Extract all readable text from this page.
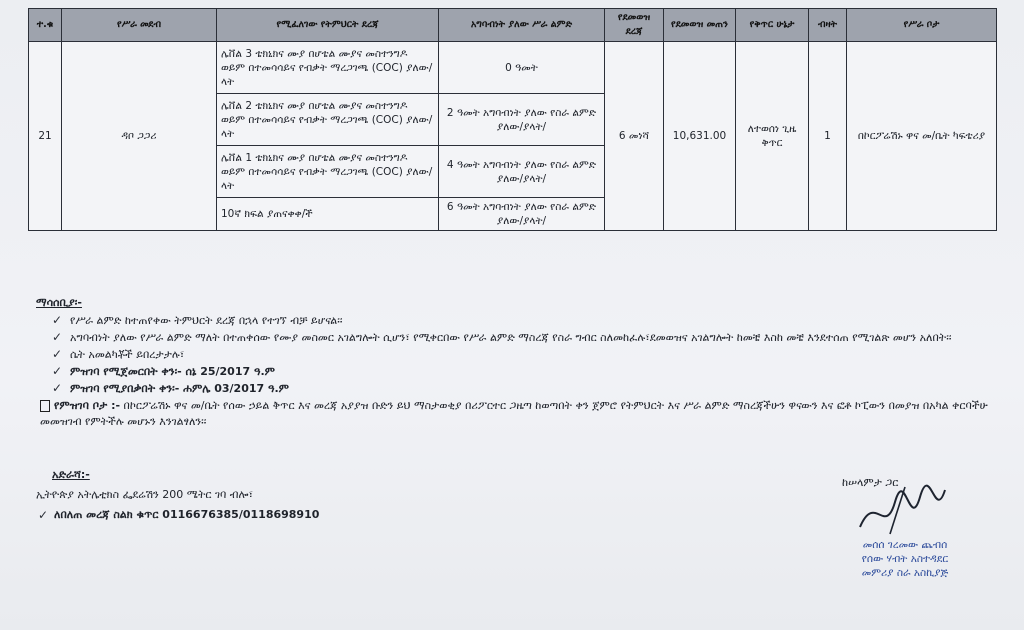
ተ.ቁ	የሥራ መደብ	የሚፈለገው የትምህርት ደረጃ	አግባብነት ያለው ሥራ ልምድ	የደመወዝ ደረጃ	የደመወዝ መጠን	የቅጥር ሁኔታ	ብዛት	የሥራ ቦታ
21	ዳቦ ጋጋሪ	ሌቨል 3 ቴክኒክና ሙያ በሆቴል ሙያና መስተንግዶ ወይም በተመሳሳይና የብቃት ማረጋገጫ (COC) ያለው/ላት	0 ዓመት	6 መነሻ	10,631.00	ለተወሰነ ጊዜ ቅጥር	1	በኮርፖሬሽኑ ዋና መ/ቤት ካፍቴሪያ
		ሌቨል 2 ቴክኒክና ሙያ በሆቴል ሙያና መስተንግዶ ወይም በተመሳሳይና የብቃት ማረጋገጫ (COC) ያለው/ላት	2 ዓመት አግባብነት ያለው የስራ ልምድ ያለው/ያላት/					
		ሌቨል 1 ቴክኒክና ሙያ በሆቴል ሙያና መስተንግዶ ወይም በተመሳሳይና የብቃት ማረጋገጫ (COC) ያለው/ላት	4 ዓመት አግባብነት ያለው የስራ ልምድ ያለው/ያላት/					
		10ኛ ክፍል ያጠናቀቀ/ች	6 ዓመት አግባብነት ያለው የስራ ልምድ ያለው/ያላት/					
ማሳሰቢያ፡-
✓ የሥራ ልምድ ከተጠየቀው ትምህርት ደረጃ በኋላ የተገኘ ብቻ ይሆናል፡፡
✓ አግባብነት ያለው የሥራ ልምድ ማለት በተጠቀሰው የሙያ መስመር አገልግሎት ሲሆን፣ የሚቀርበው የሥራ ልምድ ማስረጃ የስራ ግብር ስለመከፈሉ፣ደመወዝና አገልግሎት ከመቼ እስከ መቼ እንደተሰጠ የሚገልጽ መሆን አለበት፡፡
✓ ሴት አመልካቾች ይበረታታሉ፣
✓ ምዝገባ የሚጀመርበት ቀን፡- ሰኔ 25/2017 ዓ.ም
✓ ምዝገባ የሚያበቃበት ቀን፡- ሐምሌ 03/2017 ዓ.ም
የምዝገባ ቦታ :- በኮርፖሬሽኑ ዋና መ/ቤት የሰው ኃይል ቅጥር እና መረጃ አያያዝ ቡድን ይህ ማስታወቂያ በሪፖርተር ጋዜጣ ከወጣበት ቀን ጀምሮ የትምህርት እና ሥራ ልምድ ማስረጃችሁን ዋናውን እና ፎቶ ኮፒውን በመያዝ በአካል ቀርባችሁ መመዝገብ የምትችሉ መሆኑን እንገልፃለን፡፡
አድራሻ:-
ኢትዮጵያ አትሌቲክስ ፌደሬሽን 200 ሜትር ገባ ብሎ፣
✓ ለበለጠ መረጃ ስልክ ቁጥር 0116676385/0118698910
ከሠላምታ ጋር
መሰሰ ገረመው ጨብሰ
የሰው ሃብት አስተዳደር
መምሪያ ስራ አስኪያጅ
